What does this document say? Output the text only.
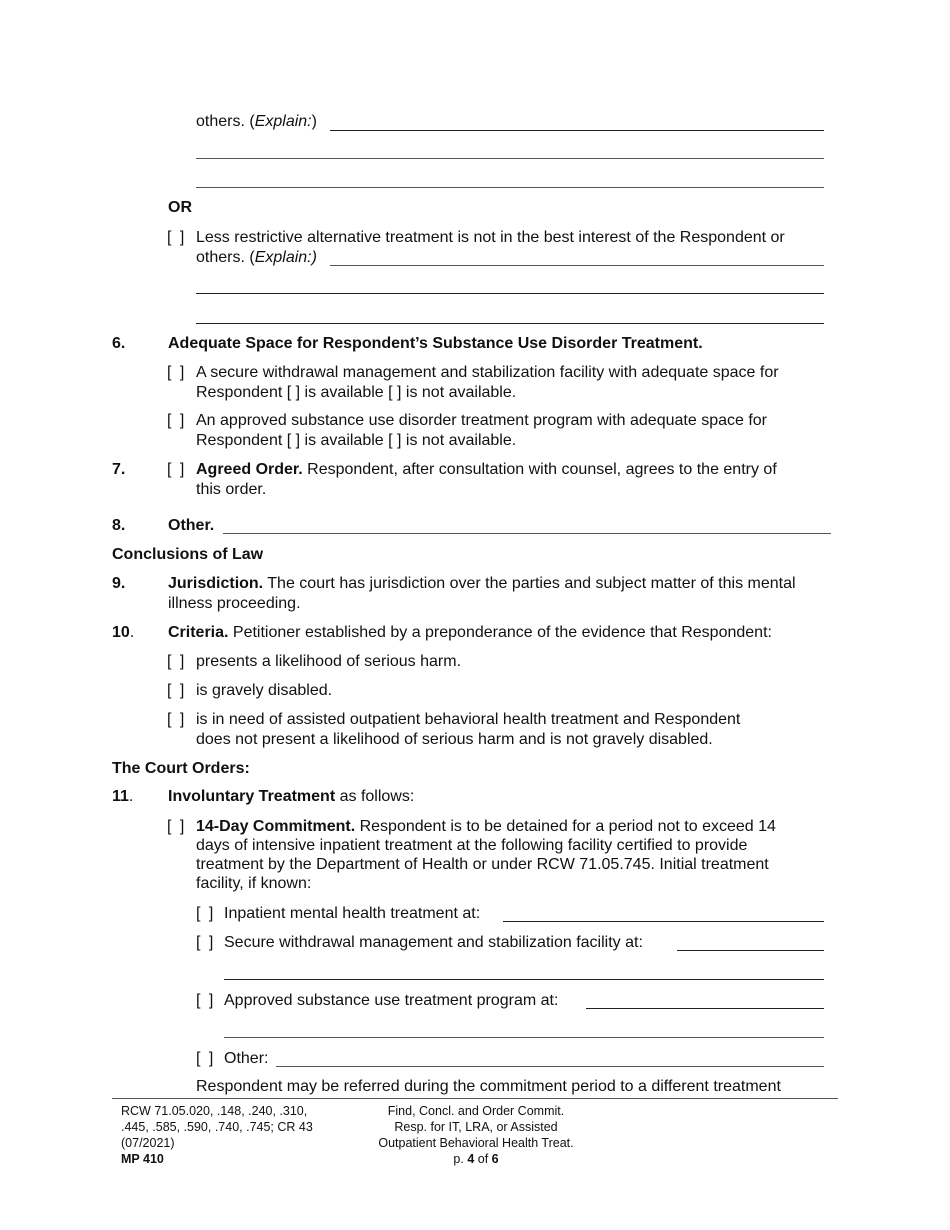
others. (Explain:)
OR
[ ] Less restrictive alternative treatment is not in the best interest of the Respondent or
others. (Explain:)
6.	Adequate Space for Respondent’s Substance Use Disorder Treatment.
[ ] A secure withdrawal management and stabilization facility with adequate space for
Respondent [ ] is available [ ] is not available.
[ ] An approved substance use disorder treatment program with adequate space for
Respondent [ ] is available [ ] is not available.
7.	[ ] Agreed Order. Respondent, after consultation with counsel, agrees to the entry of
this order.
8.	Other.
Conclusions of Law
9.	Jurisdiction. The court has jurisdiction over the parties and subject matter of this mental
illness proceeding.
10. Criteria. Petitioner established by a preponderance of the evidence that Respondent:
[ ] presents a likelihood of serious harm.
[ ] is gravely disabled.
[ ] is in need of assisted outpatient behavioral health treatment and Respondent
does not present a likelihood of serious harm and is not gravely disabled.
The Court Orders:
11. Involuntary Treatment as follows:
[ ] 14-Day Commitment. Respondent is to be detained for a period not to exceed 14
days of intensive inpatient treatment at the following facility certified to provide
treatment by the Department of Health or under RCW 71.05.745. Initial treatment
facility, if known:
[ ] Inpatient mental health treatment at:
[ ] Secure withdrawal management and stabilization facility at:
[ ] Approved substance use treatment program at:
[ ] Other:
Respondent may be referred during the commitment period to a different treatment
RCW 71.05.020, .148, .240, .310,
.445, .585, .590, .740, .745; CR 43
(07/2021)
MP 410
Find, Concl. and Order Commit.
Resp. for IT, LRA, or Assisted
Outpatient Behavioral Health Treat.
p. 4 of 6
